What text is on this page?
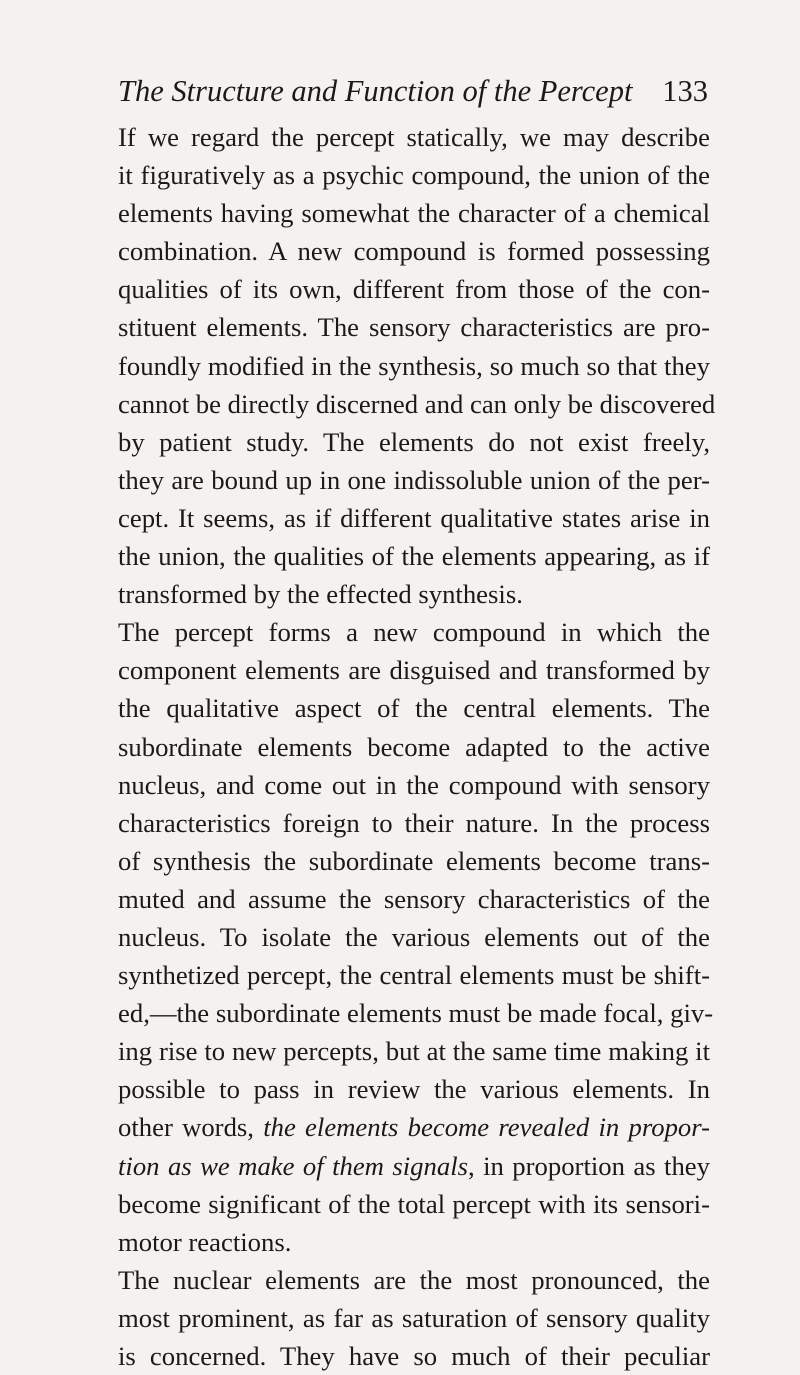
The Structure and Function of the Percept 133
If we regard the percept statically, we may describe
it figuratively as a psychic compound, the union of the
elements having somewhat the character of a chemical
combination. A new compound is formed possessing
qualities of its own, different from those of the con-
stituent elements. The sensory characteristics are pro-
foundly modified in the synthesis, so much so that they
cannot be directly discerned and can only be discovered
by patient study. The elements do not exist freely,
they are bound up in one indissoluble union of the per-
cept. It seems, as if different qualitative states arise in
the union, the qualities of the elements appearing, as if
transformed by the effected synthesis.
The percept forms a new compound in which the
component elements are disguised and transformed by
the qualitative aspect of the central elements. The
subordinate elements become adapted to the active
nucleus, and come out in the compound with sensory
characteristics foreign to their nature. In the process
of synthesis the subordinate elements become trans-
muted and assume the sensory characteristics of the
nucleus. To isolate the various elements out of the
synthetized percept, the central elements must be shift-
ed,—the subordinate elements must be made focal, giv-
ing rise to new percepts, but at the same time making it
possible to pass in review the various elements. In
other words, the elements become revealed in propor-
tion as we make of them signals, in proportion as they
become significant of the total percept with its sensori-
motor reactions.
The nuclear elements are the most pronounced, the
most prominent, as far as saturation of sensory quality
is concerned. They have so much of their peculiar
